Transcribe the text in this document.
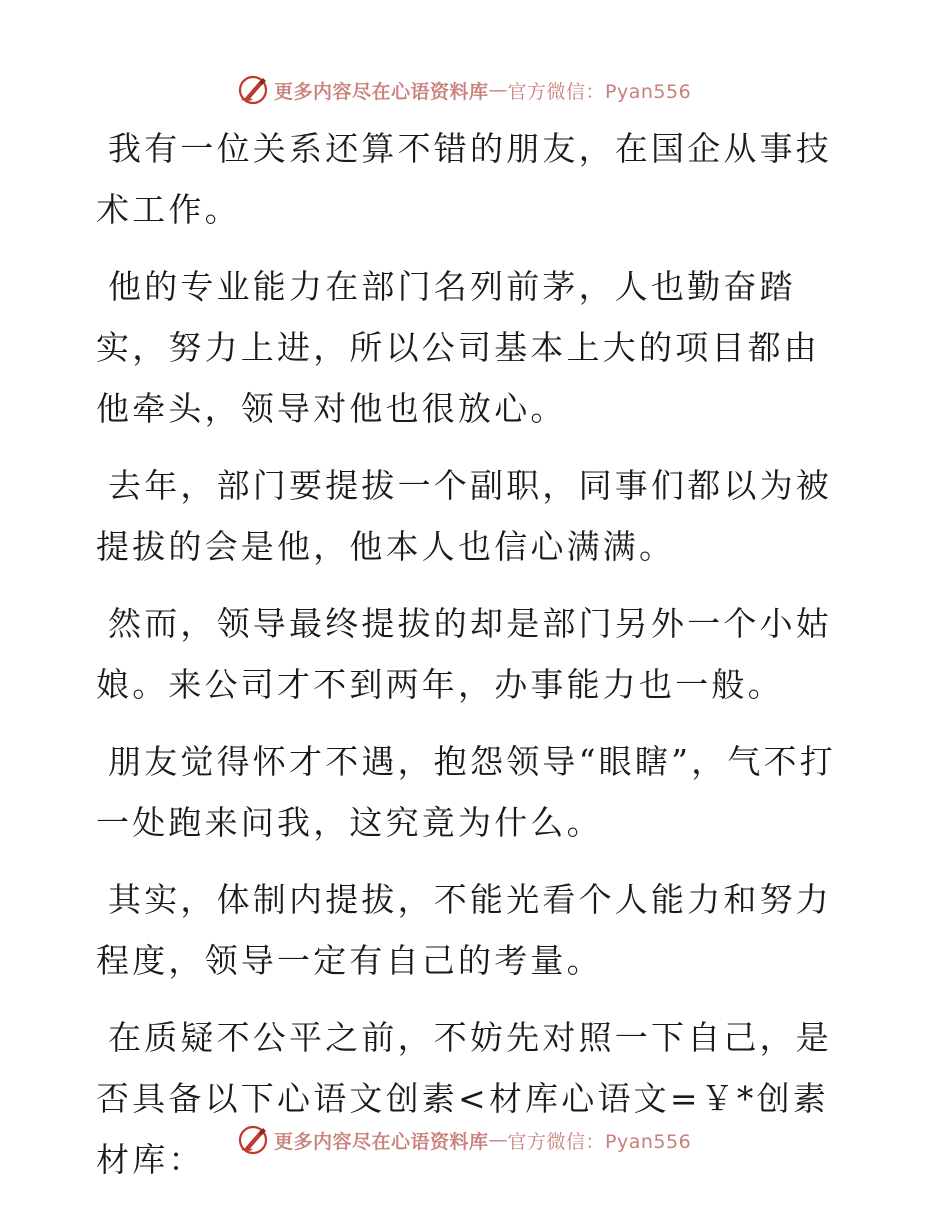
更多内容尽在心语资料库 — 官方微信：Pyan556

我有一位关系还算不错的朋友，在国企从事技术工作。

他的专业能力在部门名列前茅，人也勤奋踏实，努力上进，所以公司基本上大的项目都由他牵头，领导对他也很放心。

去年，部门要提拔一个副职，同事们都以为被提拔的会是他，他本人也信心满满。

然而，领导最终提拔的却是部门另外一个小姑娘。来公司才不到两年，办事能力也一般。

朋友觉得怀才不遇，抱怨领导“眼瞎”，气不打一处跑来问我，这究竟为什么。

其实，体制内提拔，不能光看个人能力和努力程度，领导一定有自己的考量。

在质疑不公平之前，不妨先对照一下自己，是否具备以下心语文创素<材库心语文=￥*创素材库：	更多内容尽在心语资料库 — 官方微信：Pyan556
